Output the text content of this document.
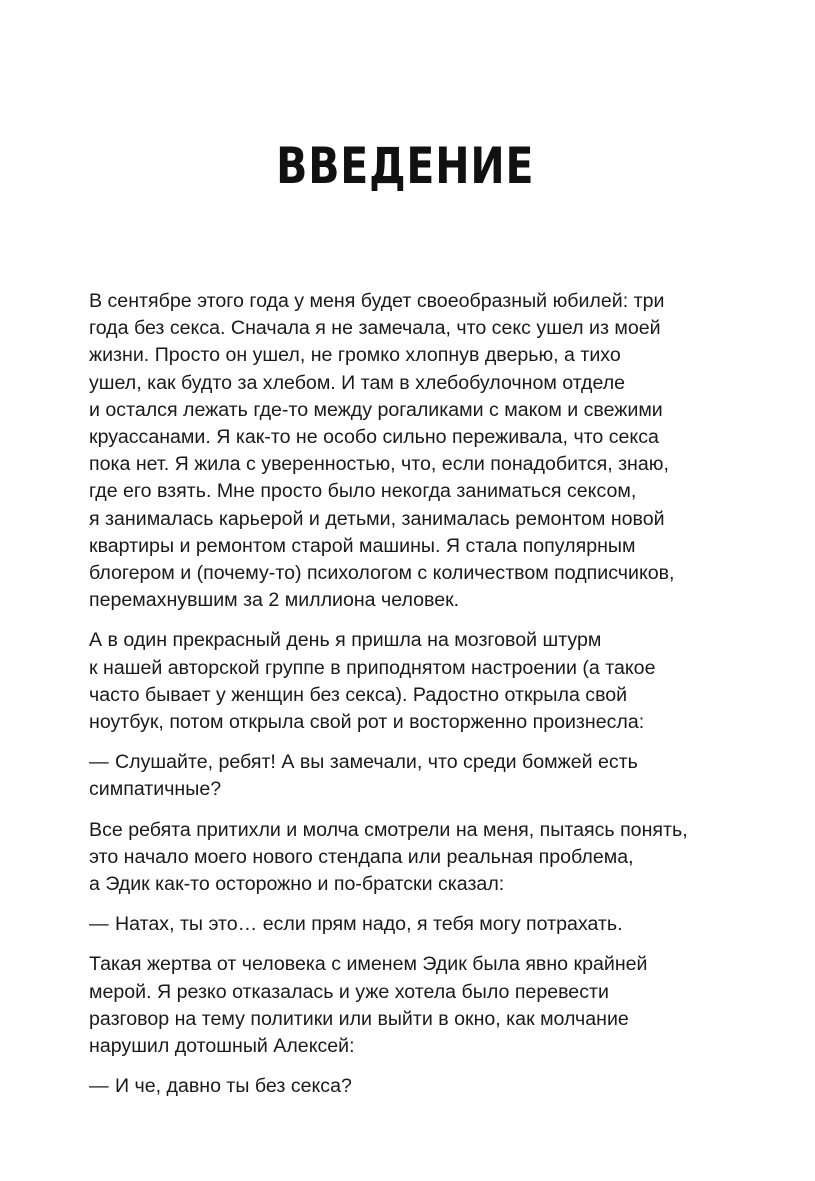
ВВЕДЕНИЕ
В сентябре этого года у меня будет своеобразный юбилей: три
года без секса. Сначала я не замечала, что секс ушел из моей
жизни. Просто он ушел, не громко хлопнув дверью, а тихо
ушел, как будто за хлебом. И там в хлебобулочном отделе
и остался лежать где-то между рогаликами с маком и свежими
круассанами. Я как-то не особо сильно переживала, что секса
пока нет. Я жила с уверенностью, что, если понадобится, знаю,
где его взять. Мне просто было некогда заниматься сексом,
я занималась карьерой и детьми, занималась ремонтом новой
квартиры и ремонтом старой машины. Я стала популярным
блогером и (почему-то) психологом с количеством подписчиков,
перемахнувшим за 2 миллиона человек.
А в один прекрасный день я пришла на мозговой штурм
к нашей авторской группе в приподнятом настроении (а такое
часто бывает у женщин без секса). Радостно открыла свой
ноутбук, потом открыла свой рот и восторженно произнесла:
— Слушайте, ребят! А вы замечали, что среди бомжей есть
симпатичные?
Все ребята притихли и молча смотрели на меня, пытаясь понять,
это начало моего нового стендапа или реальная проблема,
а Эдик как-то осторожно и по-братски сказал:
— Натах, ты это… если прям надо, я тебя могу потрахать.
Такая жертва от человека с именем Эдик была явно крайней
мерой. Я резко отказалась и уже хотела было перевести
разговор на тему политики или выйти в окно, как молчание
нарушил дотошный Алексей:
— И че, давно ты без секса?
